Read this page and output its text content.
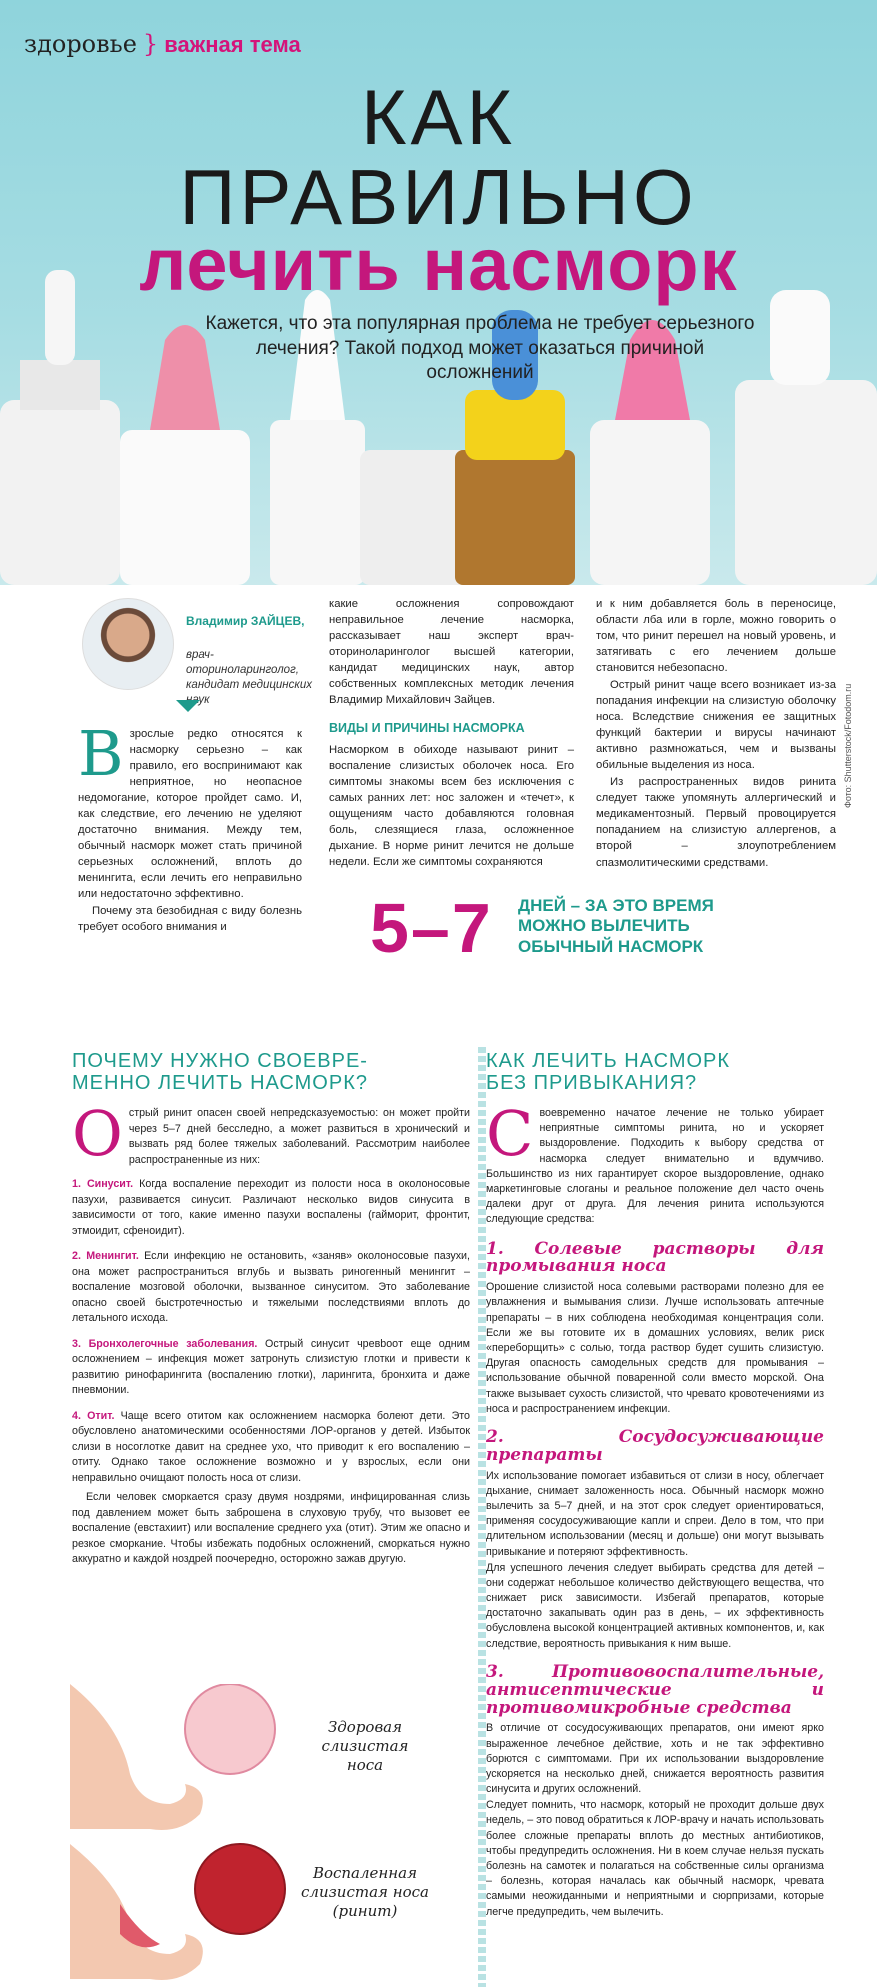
здоровье } важная тема
КАК
ПРАВИЛЬНО
лечить насморк
Кажется, что эта популярная проблема не требует серьезного лечения? Такой подход может оказаться причиной осложнений
Владимир ЗАЙЦЕВ,
врач-оториноларинголог, кандидат медицинских наук
В зрослые редко относятся к насморку серьезно – как правило, его воспринимают как неприятное, но неопасное недомогание, которое пройдет само. И, как следствие, его лечению не уделяют достаточно внимания. Между тем, обычный насморк может стать причиной серьезных осложнений, вплоть до менингита, если лечить его неправильно или недостаточно эффективно.

Почему эта безобидная с виду болезнь требует особого внимания и

какие осложнения сопровождают неправильное лечение насморка, рассказывает наш эксперт врач-оториноларинголог высшей категории, кандидат медицинских наук, автор собственных комплексных методик лечения Владимир Михайлович Зайцев.

ВИДЫ И ПРИЧИНЫ НАСМОРКА

Насморком в обиходе называют ринит – воспаление слизистых оболочек носа. Его симптомы знакомы всем без исключения с самых ранних лет: нос заложен и «течет», к ощущениям часто добавляются головная боль, слезящиеся глаза, осложненное дыхание. В норме ринит лечится не дольше недели. Если же симптомы сохраняются

и к ним добавляется боль в переносице, области лба или в горле, можно говорить о том, что ринит перешел на новый уровень, и затягивать с его лечением дольше становится небезопасно.

Острый ринит чаще всего возникает из-за попадания инфекции на слизистую оболочку носа. Вследствие снижения ее защитных функций бактерии и вирусы начинают активно размножаться, чем и вызваны обильные выделения из носа.

Из распространенных видов ринита следует также упомянуть аллергический и медикаментозный. Первый провоцируется попаданием на слизистую аллергенов, а второй – злоупотреблением спазмолитическими средствами.

Фото: Shutterstock/Fotodom.ru
5–7 ДНЕЙ – ЗА ЭТО ВРЕМЯ
МОЖНО ВЫЛЕЧИТЬ
ОБЫЧНЫЙ НАСМОРК
ПОЧЕМУ НУЖНО СВОЕВРЕ-
МЕННО ЛЕЧИТЬ НАСМОРК?
О стрый ринит опасен своей непредсказуемостью: он может пройти через 5–7 дней бесследно, а может развиться в хронический и вызвать ряд более тяжелых заболеваний. Рассмотрим наиболее распространенные из них:

1. Синусит. Когда воспаление переходит из полости носа в околоносовые пазухи, развивается синусит. Различают несколько видов синусита в зависимости от того, какие именно пазухи воспалены (гайморит, фронтит, этмоидит, сфеноидит).

2. Менингит. Если инфекцию не остановить, «заняв» околоносовые пазухи, она может распространиться вглубь и вызвать риногенный менингит – воспаление мозговой оболочки, вызванное синуситом. Это заболевание опасно своей быстротечностью и тяжелыми последствиями вплоть до летального исхода.

3. Бронхолегочные заболевания. Острый синусит чревbooт еще одним осложнением – инфекция может затронуть слизистую глотки и привести к развитию ринофарингита (воспалению глотки), ларингита, бронхита и даже пневмонии.

4. Отит. Чаще всего отитом как осложнением насморка болеют дети. Это обусловлено анатомическими особенностями ЛОР-органов у детей. Избыток слизи в носоглотке давит на среднее ухо, что приводит к его воспалению – отиту. Однако такое осложнение возможно и у взрослых, если они неправильно очищают полость носа от слизи.

Если человек сморкается сразу двумя ноздрями, инфицированная слизь под давлением может быть заброшена в слуховую трубу, что вызовет ее воспаление (евстахиит) или воспаление среднего уха (отит). Этим же опасно и резкое сморкание. Чтобы избежать подобных осложнений, сморкаться нужно аккуратно и каждой ноздрей поочередно, осторожно зажав другую.

Здоровая слизистая носа
Воспаленная слизистая носа (ринит)
КАК ЛЕЧИТЬ НАСМОРК
БЕЗ ПРИВЫКАНИЯ?
С воевременно начатое лечение не только убирает неприятные симптомы ринита, но и ускоряет выздоровление. Подходить к выбору средства от насморка следует внимательно и вдумчиво. Большинство из них гарантирует скорое выздоровление, однако маркетинговые слоганы и реальное положение дел часто очень далеки друг от друга. Для лечения ринита используются следующие средства:

1. Солевые растворы для промывания носа

Орошение слизистой носа солевыми растворами полезно для ее увлажнения и вымывания слизи. Лучше использовать аптечные препараты – в них соблюдена необходимая концентрация соли. Если же вы готовите их в домашних условиях, велик риск «переборщить» с солью, тогда раствор будет сушить слизистую. Другая опасность самодельных средств для промывания – использование обычной поваренной соли вместо морской. Она также вызывает сухость слизистой, что чревато кровотечениями из носа и распространением инфекции.

2.	Сосудосуживающие препараты

Их использование помогает избавиться от слизи в носу, облегчает дыхание, снимает заложенность носа. Обычный насморк можно вылечить за 5–7 дней, и на этот срок следует ориентироваться, применяя сосудосуживающие капли и спреи. Дело в том, что при длительном использовании (месяц и дольше) они могут вызывать привыкание и потеряют эффективность.

Для успешного лечения следует выбирать средства для детей – они содержат небольшое количество действующего вещества, что снижает риск зависимости. Избегай препаратов, которые достаточно закапывать один раз в день, – их эффективность обусловлена высокой концентрацией активных компонентов, и, как следствие, вероятность привыкания к ним выше.

3.	Противовоспалительные, антисептические и противомикробные средства

В отличие от сосудосуживающих препаратов, они имеют ярко выраженное лечебное действие, хоть и не так эффективно борются с симптомами. При их использовании выздоровление ускоряется на несколько дней, снижается вероятность развития синусита и других осложнений.

Следует помнить, что насморк, который не проходит дольше двух недель, – это повод обратиться к ЛОР-врачу и начать использовать более сложные препараты вплоть до местных антибиотиков, чтобы предупредить осложнения. Ни в коем случае нельзя пускать болезнь на самотек и полагаться на собственные силы организма – болезнь, которая началась как обычный насморк, чревата самыми неожиданными и неприятными и сюрпризами, которые легче предупредить, чем вылечить.
